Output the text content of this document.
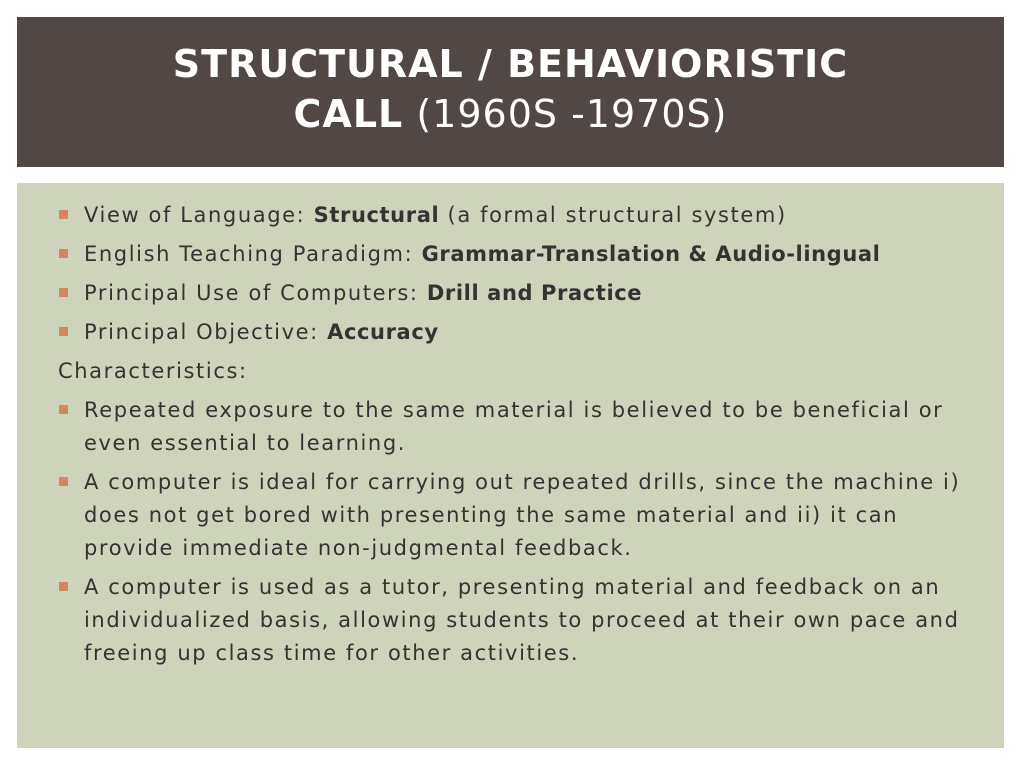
STRUCTURAL / BEHAVIORISTIC
CALL (1960S -1970S)
View of Language: Structural (a formal structural system)
English Teaching Paradigm: Grammar-Translation & Audio-lingual
Principal Use of Computers: Drill and Practice
Principal Objective: Accuracy
Characteristics:
Repeated exposure to the same material is believed to be beneficial or even essential to learning.
A computer is ideal for carrying out repeated drills, since the machine i) does not get bored with presenting the same material and ii) it can provide immediate non-judgmental feedback.
A computer is used as a tutor, presenting material and feedback on an individualized basis, allowing students to proceed at their own pace and freeing up class time for other activities.
